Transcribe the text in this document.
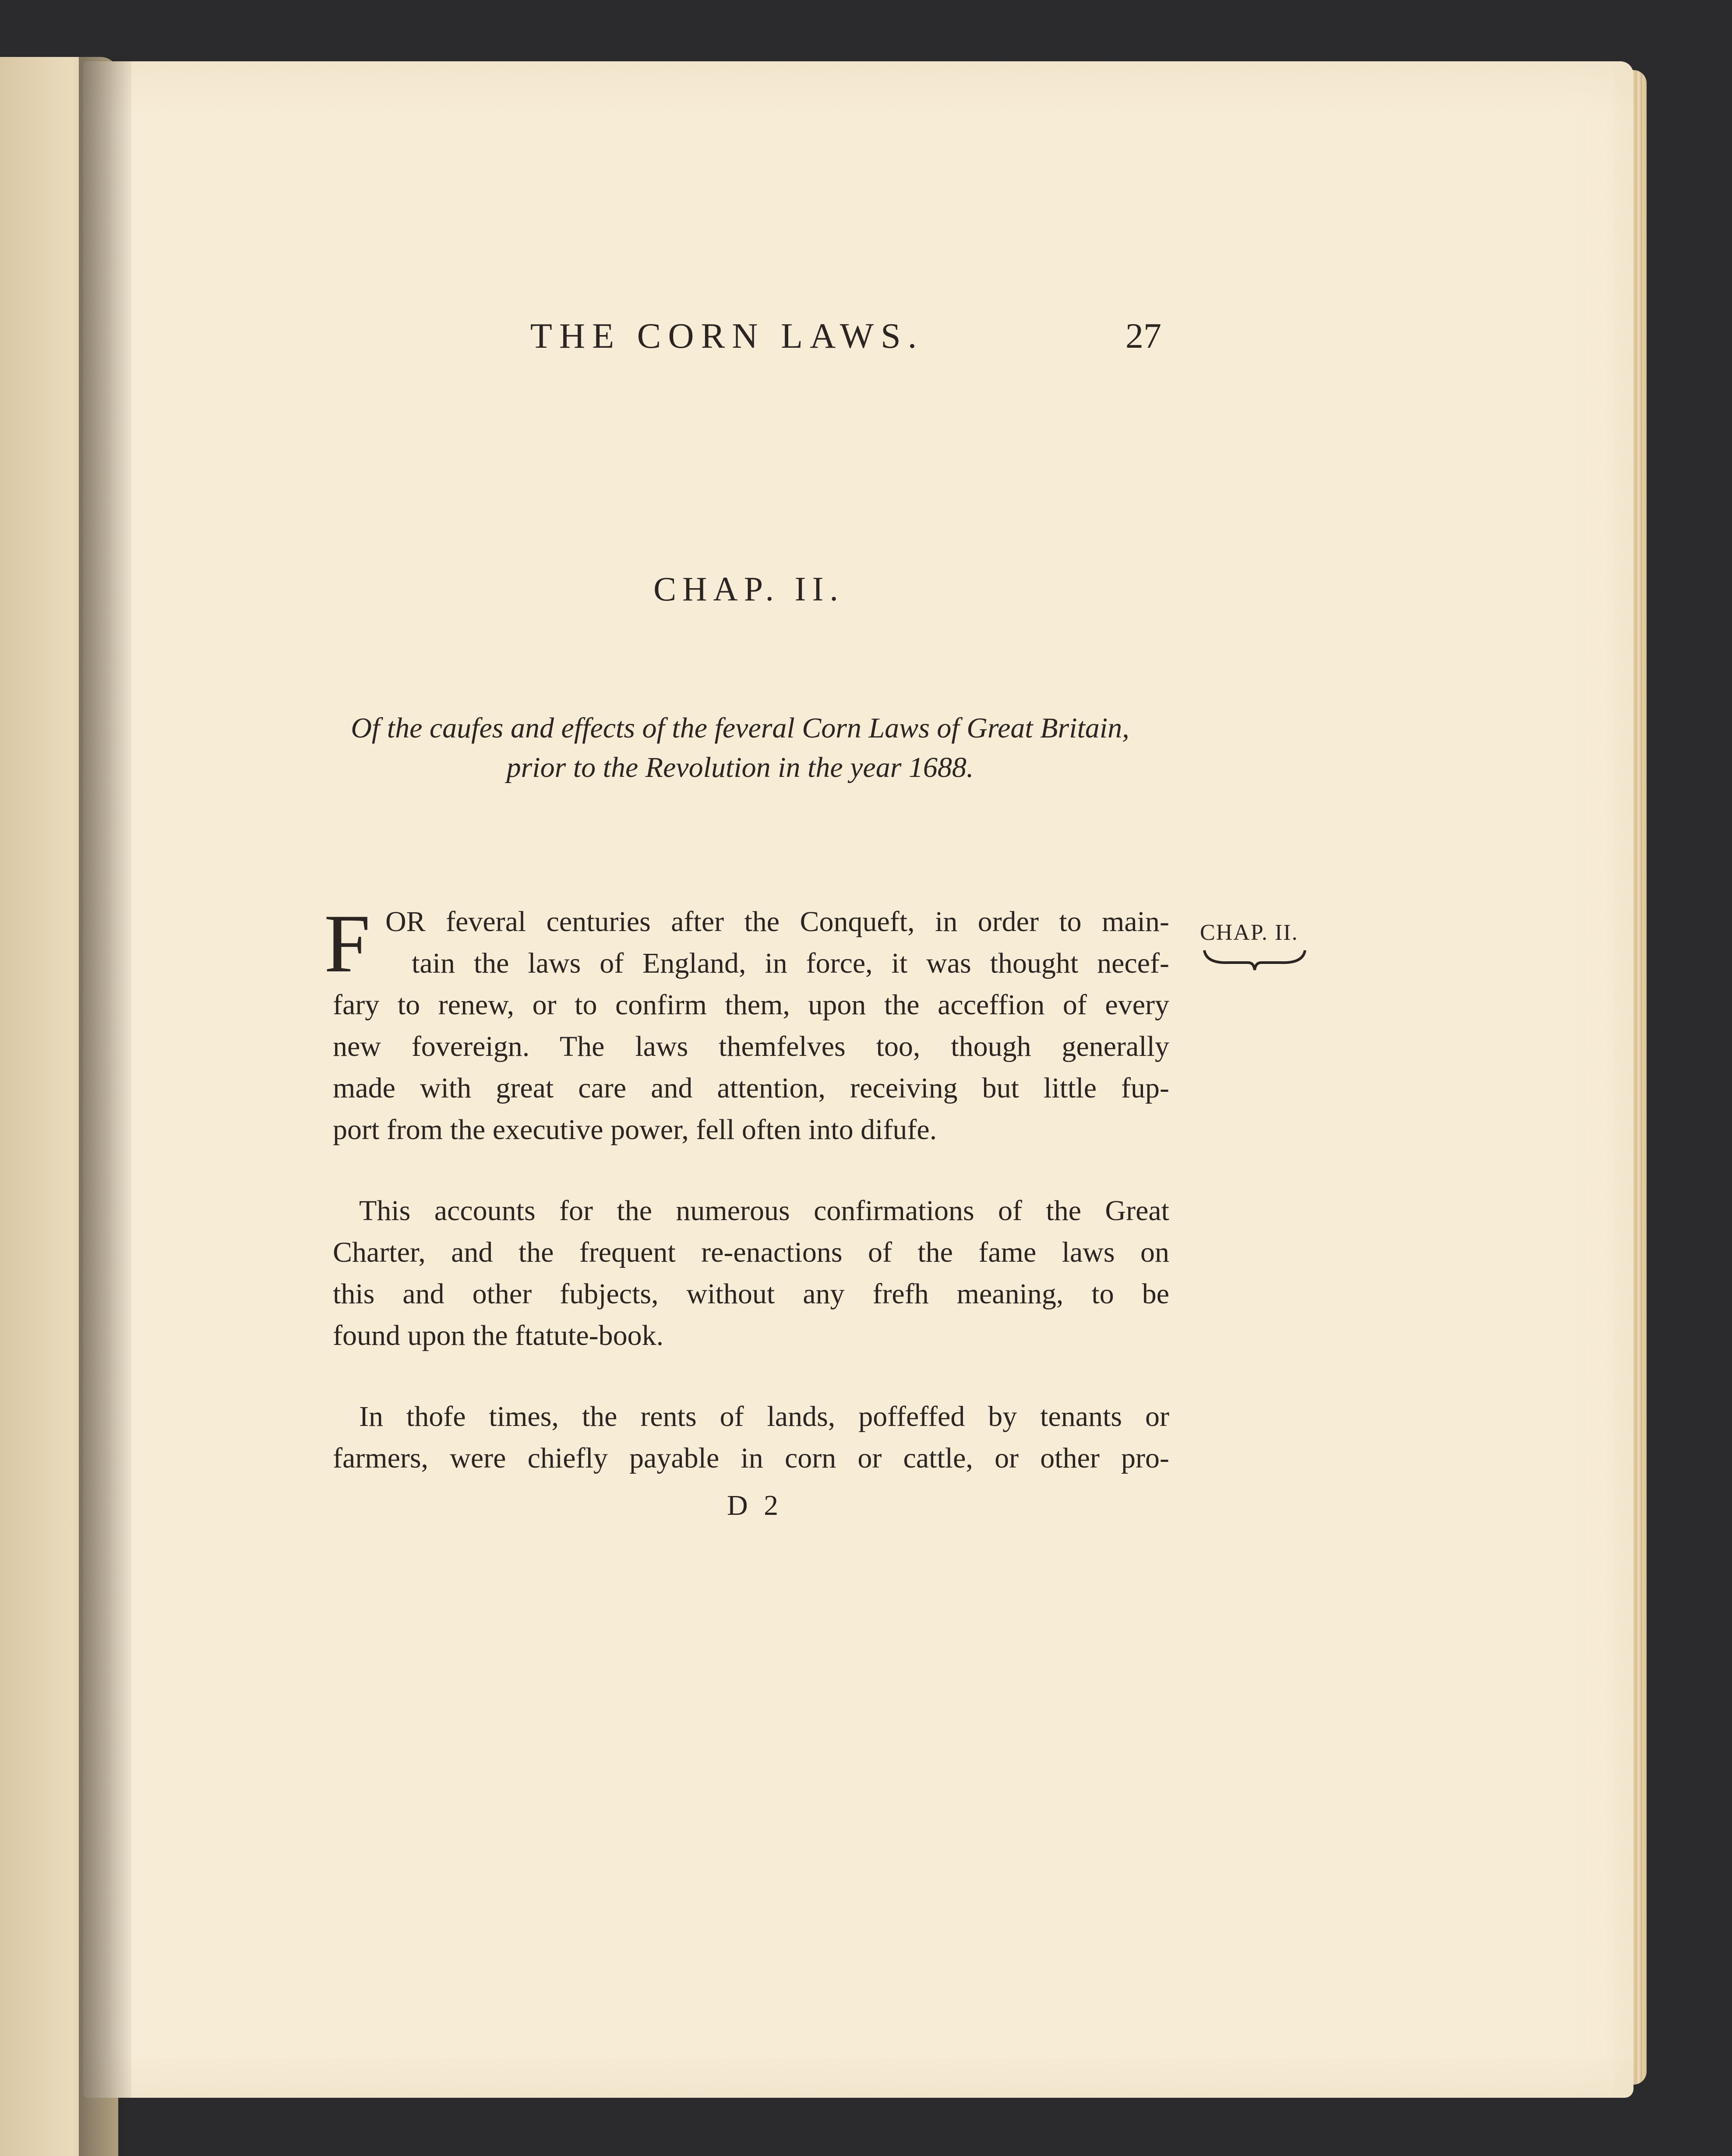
THE CORN LAWS.	27
CHAP. II.
Of the caufes and effects of the feveral Corn Laws of Great Britain,
prior to the Revolution in the year 1688.
CHAP. II.
F OR feveral centuries after the Conqueft, in order to main-
tain the laws of England, in force, it was thought necef-
fary to renew, or to confirm them, upon the acceffion of every
new fovereign. The laws themfelves too, though generally
made with great care and attention, receiving but little fup-
port from the executive power, fell often into difufe.
This accounts for the numerous confirmations of the Great
Charter, and the frequent re-enactions of the fame laws on
this and other fubjects, without any frefh meaning, to be
found upon the ftatute-book.
In thofe times, the rents of lands, poffeffed by tenants or
farmers, were chiefly payable in corn or cattle, or other pro-
D 2
